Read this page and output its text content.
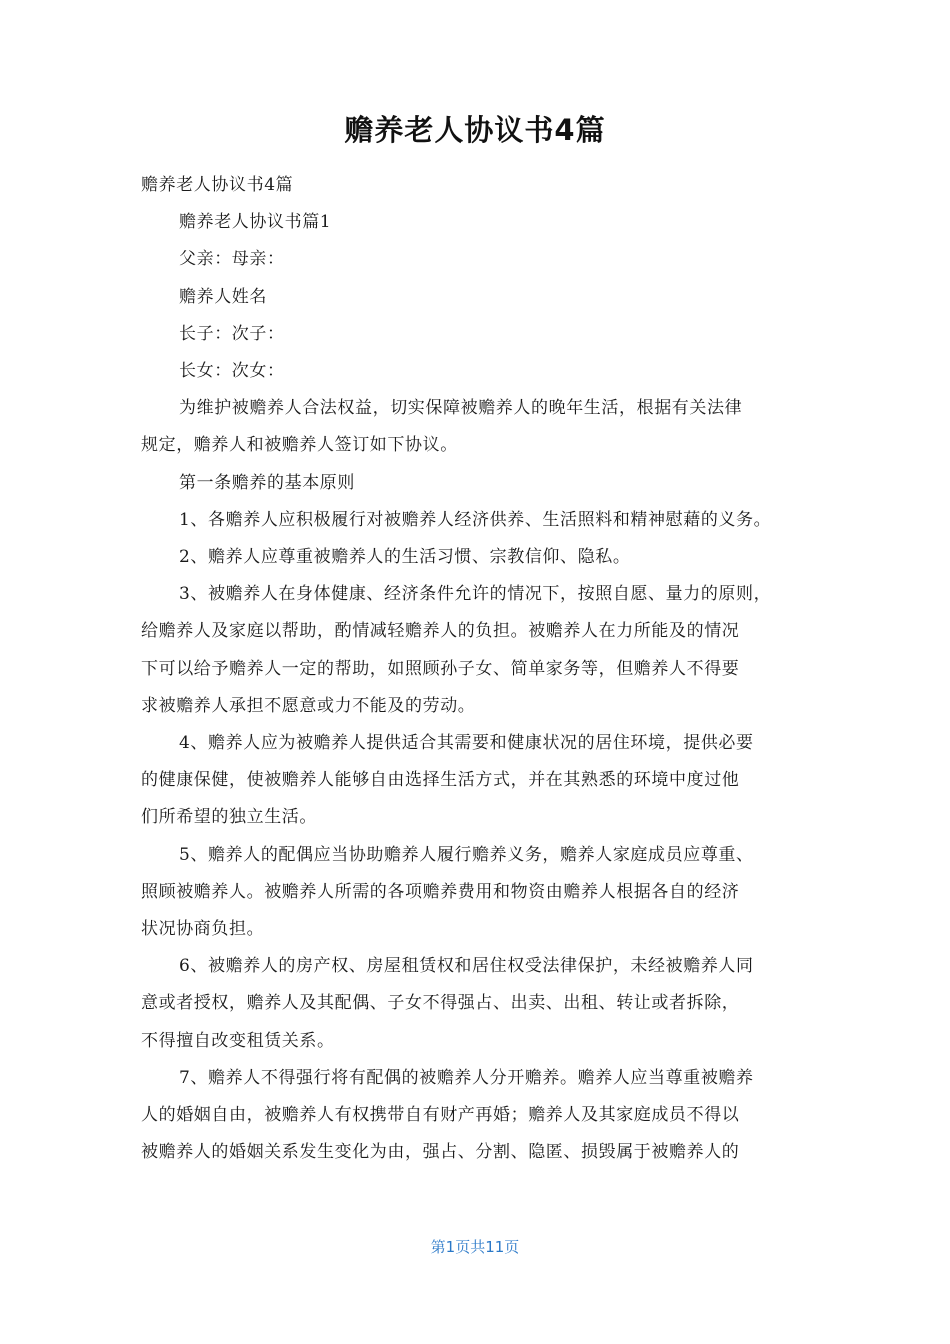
赡养老人协议书4篇

赡养老人协议书4篇

赡养老人协议书篇1

父亲：母亲：

赡养人姓名

长子：次子：

长女：次女：

为维护被赡养人合法权益，切实保障被赡养人的晚年生活，根据有关法律

规定，赡养人和被赡养人签订如下协议。

第一条赡养的基本原则

1、各赡养人应积极履行对被赡养人经济供养、生活照料和精神慰藉的义务。

2、赡养人应尊重被赡养人的生活习惯、宗教信仰、隐私。

3、被赡养人在身体健康、经济条件允许的情况下，按照自愿、量力的原则，

给赡养人及家庭以帮助，酌情减轻赡养人的负担。被赡养人在力所能及的情况

下可以给予赡养人一定的帮助，如照顾孙子女、简单家务等，但赡养人不得要

求被赡养人承担不愿意或力不能及的劳动。

4、赡养人应为被赡养人提供适合其需要和健康状况的居住环境，提供必要

的健康保健，使被赡养人能够自由选择生活方式，并在其熟悉的环境中度过他

们所希望的独立生活。

5、赡养人的配偶应当协助赡养人履行赡养义务，赡养人家庭成员应尊重、

照顾被赡养人。被赡养人所需的各项赡养费用和物资由赡养人根据各自的经济

状况协商负担。

6、被赡养人的房产权、房屋租赁权和居住权受法律保护，未经被赡养人同

意或者授权，赡养人及其配偶、子女不得强占、出卖、出租、转让或者拆除，

不得擅自改变租赁关系。

7、赡养人不得强行将有配偶的被赡养人分开赡养。赡养人应当尊重被赡养

人的婚姻自由，被赡养人有权携带自有财产再婚；赡养人及其家庭成员不得以

被赡养人的婚姻关系发生变化为由，强占、分割、隐匿、损毁属于被赡养人的

第1页共11页
